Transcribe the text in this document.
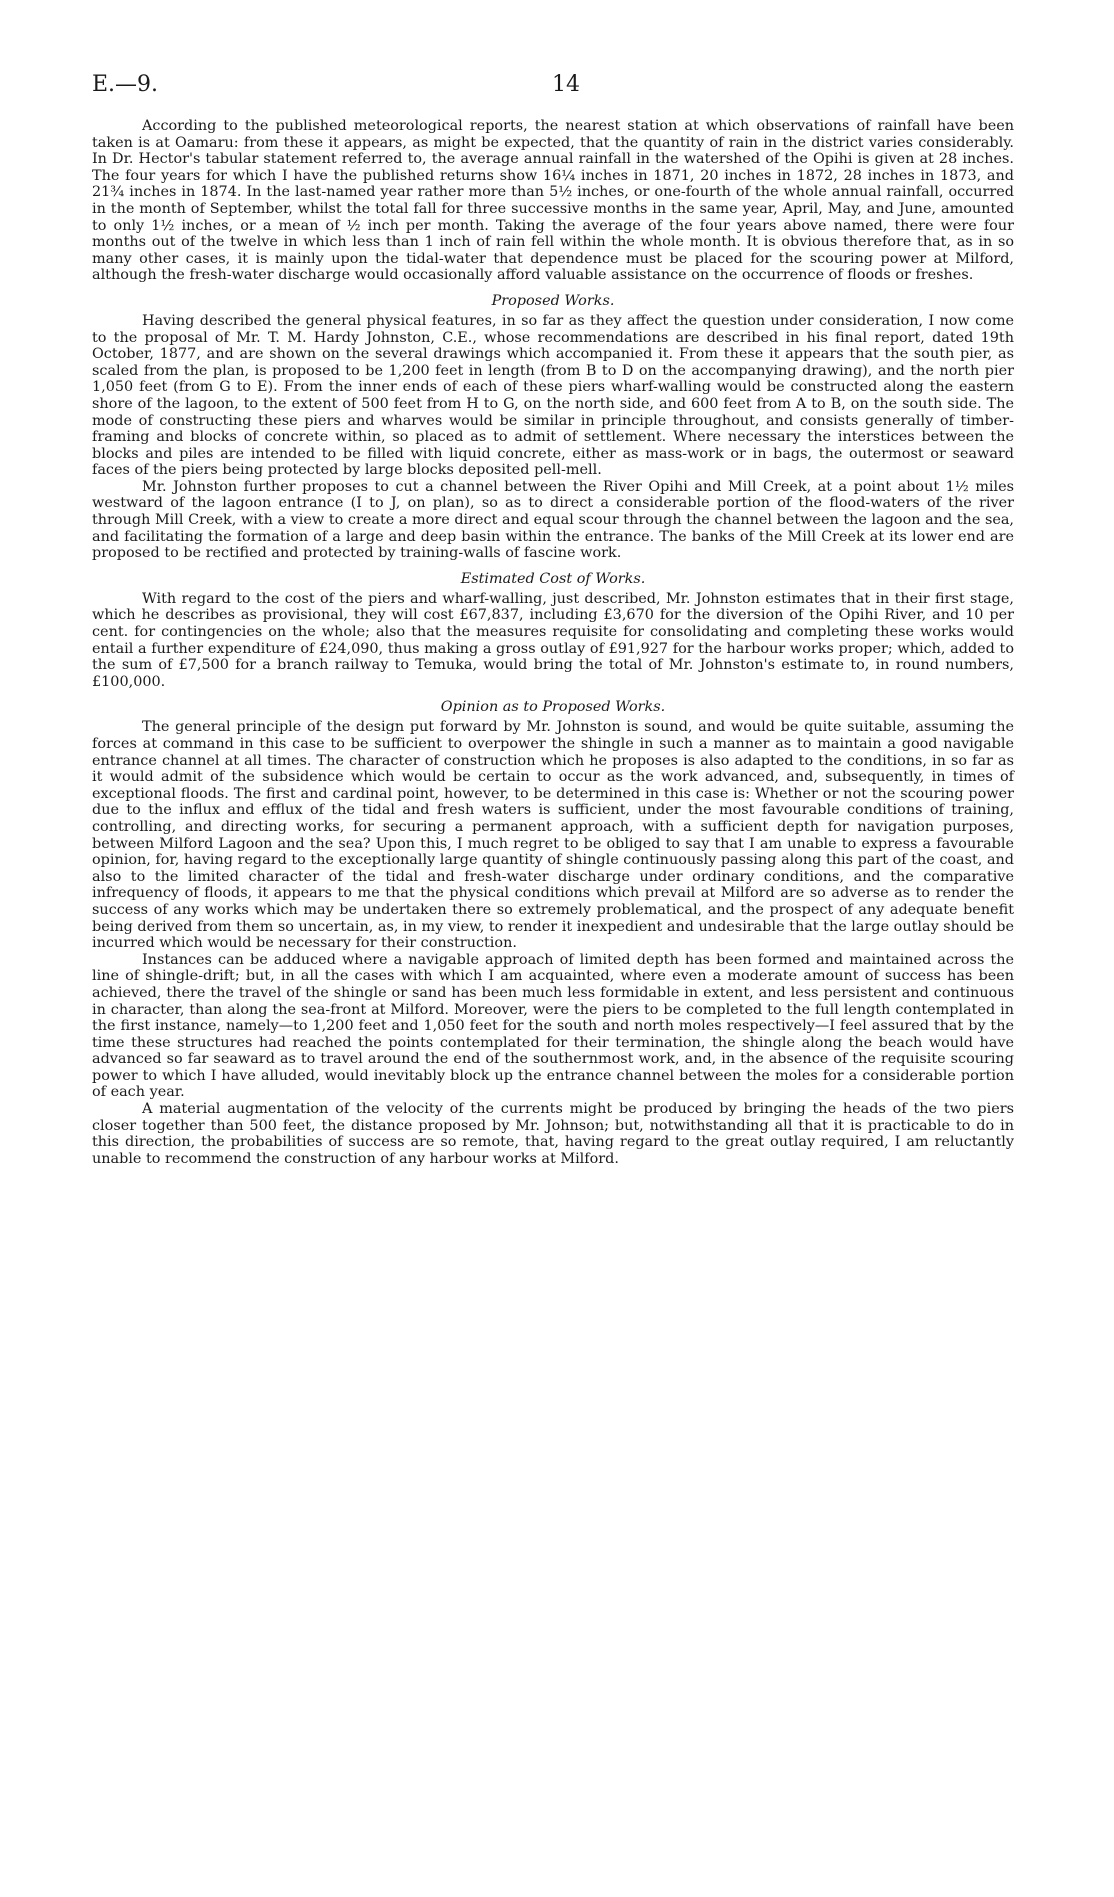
E.—9.	14

According to the published meteorological reports, the nearest station at which observations of rainfall have been taken is at Oamaru: from these it appears, as might be expected, that the quantity of rain in the district varies considerably. In Dr. Hector's tabular statement referred to, the average annual rainfall in the watershed of the Opihi is given at 28 inches. The four years for which I have the published returns show 16¼ inches in 1871, 20 inches in 1872, 28 inches in 1873, and 21¾ inches in 1874. In the last-named year rather more than 5½ inches, or one-fourth of the whole annual rainfall, occurred in the month of September, whilst the total fall for three successive months in the same year, April, May, and June, amounted to only 1½ inches, or a mean of ½ inch per month. Taking the average of the four years above named, there were four months out of the twelve in which less than 1 inch of rain fell within the whole month. It is obvious therefore that, as in so many other cases, it is mainly upon the tidal-water that dependence must be placed for the scouring power at Milford, although the fresh-water discharge would occasionally afford valuable assistance on the occurrence of floods or freshes.

Proposed Works.

Having described the general physical features, in so far as they affect the question under consideration, I now come to the proposal of Mr. T. M. Hardy Johnston, C.E., whose recommendations are described in his final report, dated 19th October, 1877, and are shown on the several drawings which accompanied it. From these it appears that the south pier, as scaled from the plan, is proposed to be 1,200 feet in length (from B to D on the accompanying drawing), and the north pier 1,050 feet (from G to E). From the inner ends of each of these piers wharf-walling would be constructed along the eastern shore of the lagoon, to the extent of 500 feet from H to G, on the north side, and 600 feet from A to B, on the south side. The mode of constructing these piers and wharves would be similar in principle throughout, and consists generally of timber-framing and blocks of concrete within, so placed as to admit of settlement. Where necessary the interstices between the blocks and piles are intended to be filled with liquid concrete, either as mass-work or in bags, the outermost or seaward faces of the piers being protected by large blocks deposited pell-mell.

Mr. Johnston further proposes to cut a channel between the River Opihi and Mill Creek, at a point about 1½ miles westward of the lagoon entrance (I to J, on plan), so as to direct a considerable portion of the flood-waters of the river through Mill Creek, with a view to create a more direct and equal scour through the channel between the lagoon and the sea, and facilitating the formation of a large and deep basin within the entrance. The banks of the Mill Creek at its lower end are proposed to be rectified and protected by training-walls of fascine work.

Estimated Cost of Works.

With regard to the cost of the piers and wharf-walling, just described, Mr. Johnston estimates that in their first stage, which he describes as provisional, they will cost £67,837, including £3,670 for the diversion of the Opihi River, and 10 per cent. for contingencies on the whole; also that the measures requisite for consolidating and completing these works would entail a further expenditure of £24,090, thus making a gross outlay of £91,927 for the harbour works proper; which, added to the sum of £7,500 for a branch railway to Temuka, would bring the total of Mr. Johnston's estimate to, in round numbers, £100,000.

Opinion as to Proposed Works.

The general principle of the design put forward by Mr. Johnston is sound, and would be quite suitable, assuming the forces at command in this case to be sufficient to overpower the shingle in such a manner as to maintain a good navigable entrance channel at all times. The character of construction which he proposes is also adapted to the conditions, in so far as it would admit of the subsidence which would be certain to occur as the work advanced, and, subsequently, in times of exceptional floods. The first and cardinal point, however, to be determined in this case is: Whether or not the scouring power due to the influx and efflux of the tidal and fresh waters is sufficient, under the most favourable conditions of training, controlling, and directing works, for securing a permanent approach, with a sufficient depth for navigation purposes, between Milford Lagoon and the sea? Upon this, I much regret to be obliged to say that I am unable to express a favourable opinion, for, having regard to the exceptionally large quantity of shingle continuously passing along this part of the coast, and also to the limited character of the tidal and fresh-water discharge under ordinary conditions, and the comparative infrequency of floods, it appears to me that the physical conditions which prevail at Milford are so adverse as to render the success of any works which may be undertaken there so extremely problematical, and the prospect of any adequate benefit being derived from them so uncertain, as, in my view, to render it inexpedient and undesirable that the large outlay should be incurred which would be necessary for their construction.

Instances can be adduced where a navigable approach of limited depth has been formed and maintained across the line of shingle-drift; but, in all the cases with which I am acquainted, where even a moderate amount of success has been achieved, there the travel of the shingle or sand has been much less formidable in extent, and less persistent and continuous in character, than along the sea-front at Milford. Moreover, were the piers to be completed to the full length contemplated in the first instance, namely—to 1,200 feet and 1,050 feet for the south and north moles respectively—I feel assured that by the time these structures had reached the points contemplated for their termination, the shingle along the beach would have advanced so far seaward as to travel around the end of the southernmost work, and, in the absence of the requisite scouring power to which I have alluded, would inevitably block up the entrance channel between the moles for a considerable portion of each year.

A material augmentation of the velocity of the currents might be produced by bringing the heads of the two piers closer together than 500 feet, the distance proposed by Mr. Johnson; but, notwithstanding all that it is practicable to do in this direction, the probabilities of success are so remote, that, having regard to the great outlay required, I am reluctantly unable to recommend the construction of any harbour works at Milford.
